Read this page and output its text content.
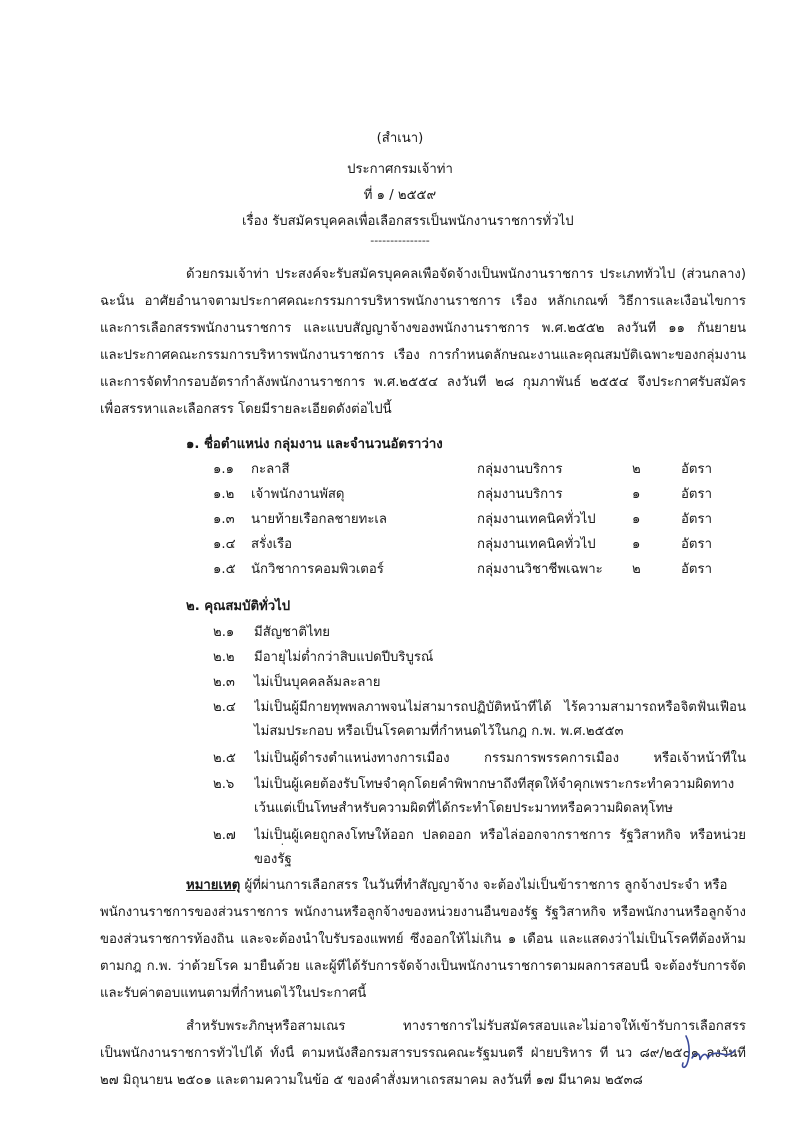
(สำเนา)
ประกาศกรมเจ้าท่า
ที่ ๑ / ๒๕๕๙
เรื่อง รับสมัครบุคคลเพื่อเลือกสรรเป็นพนักงานราชการทั่วไป
---------------
ด้วยกรมเจ้าท่า ประสงค์จะรับสมัครบุคคลเพื่อจัดจ้างเป็นพนักงานราชการ ประเภททั่วไป (ส่วนกลาง)
ฉะนั้น อาศัยอำนาจตามประกาศคณะกรรมการบริหารพนักงานราชการ เรื่อง หลักเกณฑ์ วิธีการและเงื่อนไขการ
และการเลือกสรรพนักงานราชการ และแบบสัญญาจ้างของพนักงานราชการ พ.ศ.๒๕๕๒ ลงวันที่ ๑๑ กันยายน
และประกาศคณะกรรมการบริหารพนักงานราชการ เรื่อง การกำหนดลักษณะงานและคุณสมบัติเฉพาะของกลุ่มงาน
และการจัดทำกรอบอัตรากำลังพนักงานราชการ พ.ศ.๒๕๕๔ ลงวันที่ ๒๘ กุมภาพันธ์ ๒๕๕๔ จึงประกาศรับสมัคร
เพื่อสรรหาและเลือกสรร โดยมีรายละเอียดดังต่อไปนี้
๑. ชื่อตำแหน่ง กลุ่มงาน และจำนวนอัตราว่าง
๑.๑ กะลาสี	กลุ่มงานบริการ	๒	อัตรา
๑.๒ เจ้าพนักงานพัสดุ	กลุ่มงานบริการ	๑	อัตรา
๑.๓ นายท้ายเรือกลชายทะเล	กลุ่มงานเทคนิคทั่วไป	๑	อัตรา
๑.๔ สรั่งเรือ	กลุ่มงานเทคนิคทั่วไป	๑	อัตรา
๑.๕ นักวิชาการคอมพิวเตอร์	กลุ่มงานวิชาชีพเฉพาะ ๒	อัตรา
๒. คุณสมบัติทั่วไป
๒.๑ มีสัญชาติไทย
๒.๒ มีอายุไม่ต่ำกว่าสิบแปดปีบริบูรณ์
๒.๓ ไม่เป็นบุคคลล้มละลาย
๒.๔ ไม่เป็นผู้มีกายทุพพลภาพจนไม่สามารถปฏิบัติหน้าที่ได้ ไร้ความสามารถหรือจิตฟั่นเฟือน
ไม่สมประกอบ หรือเป็นโรคตามที่กำหนดไว้ในกฎ ก.พ. พ.ศ.๒๕๕๓
๒.๕ ไม่เป็นผู้ดำรงตำแหน่งทางการเมือง กรรมการพรรคการเมือง หรือเจ้าหน้าที่ใน
๒.๖ ไม่เป็นผู้เคยต้องรับโทษจำคุกโดยคำพิพากษาถึงที่สุดให้จำคุกเพราะกระทำความผิดทาง
เว้นแต่เป็นโทษสำหรับความผิดที่ได้กระทำโดยประมาทหรือความผิดลหุโทษ
๒.๗ ไม่เป็นผู้เคยถูกลงโทษให้ออก ปลดออก หรือไล่ออกจากราชการ รัฐวิสาหกิจ หรือหน่วย
ของรัฐ
หมายเหตุ ผู้ที่ผ่านการเลือกสรร ในวันที่ทำสัญญาจ้าง จะต้องไม่เป็นข้าราชการ ลูกจ้างประจำ หรือ
พนักงานราชการของส่วนราชการ พนักงานหรือลูกจ้างของหน่วยงานอื่นของรัฐ รัฐวิสาหกิจ หรือพนักงานหรือลูกจ้าง
ของส่วนราชการท้องถิ่น และจะต้องนำใบรับรองแพทย์ ซึ่งออกให้ไม่เกิน ๑ เดือน และแสดงว่าไม่เป็นโรคที่ต้องห้าม
ตามกฎ ก.พ. ว่าด้วยโรค มายื่นด้วย และผู้ที่ได้รับการจัดจ้างเป็นพนักงานราชการตามผลการสอบนี้ จะต้องรับการจัด
และรับค่าตอบแทนตามที่กำหนดไว้ในประกาศนี้
สำหรับพระภิกษุหรือสามเณร ทางราชการไม่รับสมัครสอบและไม่อาจให้เข้ารับการเลือกสรร
เป็นพนักงานราชการทั่วไปได้ ทั้งนี้ ตามหนังสือกรมสารบรรณคณะรัฐมนตรี ฝ่ายบริหาร ที่ นว ๘๙/๒๕๐๑ ลงวันที่
๒๗ มิถุนายน ๒๕๐๑ และตามความในข้อ ๕ ของคำสั่งมหาเถรสมาคม ลงวันที่ ๑๗ มีนาคม ๒๕๓๘
